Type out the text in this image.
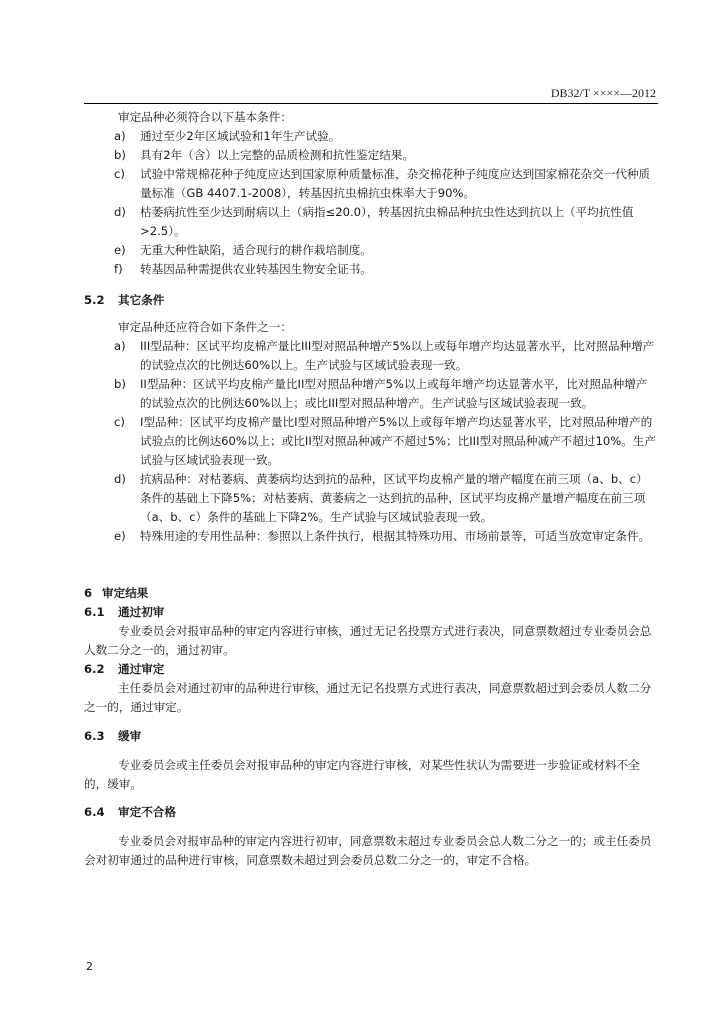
DB32/T ××××—2012
审定品种必须符合以下基本条件：
a) 通过至少2年区域试验和1年生产试验。
b) 具有2年（含）以上完整的品质检测和抗性鉴定结果。
c) 试验中常规棉花种子纯度应达到国家原种质量标准，杂交棉花种子纯度应达到国家棉花杂交一代种质量标准（GB 4407.1-2008），转基因抗虫棉抗虫株率大于90%。
d) 枯萎病抗性至少达到耐病以上（病指≤20.0），转基因抗虫棉品种抗虫性达到抗以上（平均抗性值>2.5）。
e) 无重大种性缺陷，适合现行的耕作栽培制度。
f) 转基因品种需提供农业转基因生物安全证书。
5.2 其它条件
审定品种还应符合如下条件之一：
a) III型品种：区试平均皮棉产量比III型对照品种增产5%以上或每年增产均达显著水平，比对照品种增产的试验点次的比例达60%以上。生产试验与区域试验表现一致。
b) II型品种：区试平均皮棉产量比II型对照品种增产5%以上或每年增产均达显著水平，比对照品种增产的试验点次的比例达60%以上；或比III型对照品种增产。生产试验与区域试验表现一致。
c) I型品种：区试平均皮棉产量比I型对照品种增产5%以上或每年增产均达显著水平，比对照品种增产的试验点的比例达60%以上；或比II型对照品种减产不超过5%；比III型对照品种减产不超过10%。生产试验与区域试验表现一致。
d) 抗病品种：对枯萎病、黄萎病均达到抗的品种，区试平均皮棉产量的增产幅度在前三项（a、b、c）条件的基础上下降5%；对枯萎病、黄萎病之一达到抗的品种，区试平均皮棉产量增产幅度在前三项（a、b、c）条件的基础上下降2%。生产试验与区域试验表现一致。
e) 特殊用途的专用性品种：参照以上条件执行，根据其特殊功用、市场前景等，可适当放宽审定条件。
6 审定结果
6.1 通过初审
专业委员会对报审品种的审定内容进行审核，通过无记名投票方式进行表决，同意票数超过专业委员会总人数二分之一的，通过初审。
6.2 通过审定
主任委员会对通过初审的品种进行审核，通过无记名投票方式进行表决，同意票数超过到会委员人数二分之一的，通过审定。
6.3 缓审
专业委员会或主任委员会对报审品种的审定内容进行审核，对某些性状认为需要进一步验证或材料不全的，缓审。
6.4 审定不合格
专业委员会对报审品种的审定内容进行初审，同意票数未超过专业委员会总人数二分之一的；或主任委员会对初审通过的品种进行审核，同意票数未超过到会委员总数二分之一的，审定不合格。
2
